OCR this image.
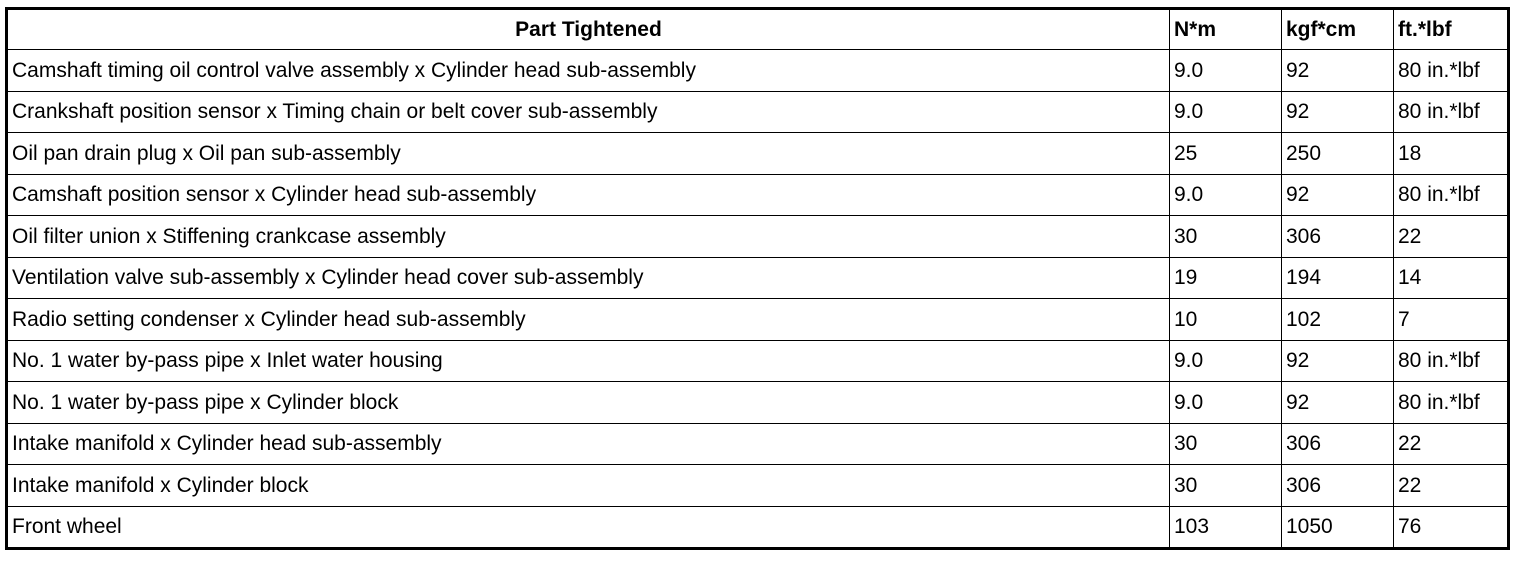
Part Tightened	N*m	kgf*cm	ft.*lbf
Camshaft timing oil control valve assembly x Cylinder head sub-assembly	9.0	92	80 in.*lbf
Crankshaft position sensor x Timing chain or belt cover sub-assembly	9.0	92	80 in.*lbf
Oil pan drain plug x Oil pan sub-assembly	25	250	18
Camshaft position sensor x Cylinder head sub-assembly	9.0	92	80 in.*lbf
Oil filter union x Stiffening crankcase assembly	30	306	22
Ventilation valve sub-assembly x Cylinder head cover sub-assembly	19	194	14
Radio setting condenser x Cylinder head sub-assembly	10	102	7
No. 1 water by-pass pipe x Inlet water housing	9.0	92	80 in.*lbf
No. 1 water by-pass pipe x Cylinder block	9.0	92	80 in.*lbf
Intake manifold x Cylinder head sub-assembly	30	306	22
Intake manifold x Cylinder block	30	306	22
Front wheel	103	1050	76
